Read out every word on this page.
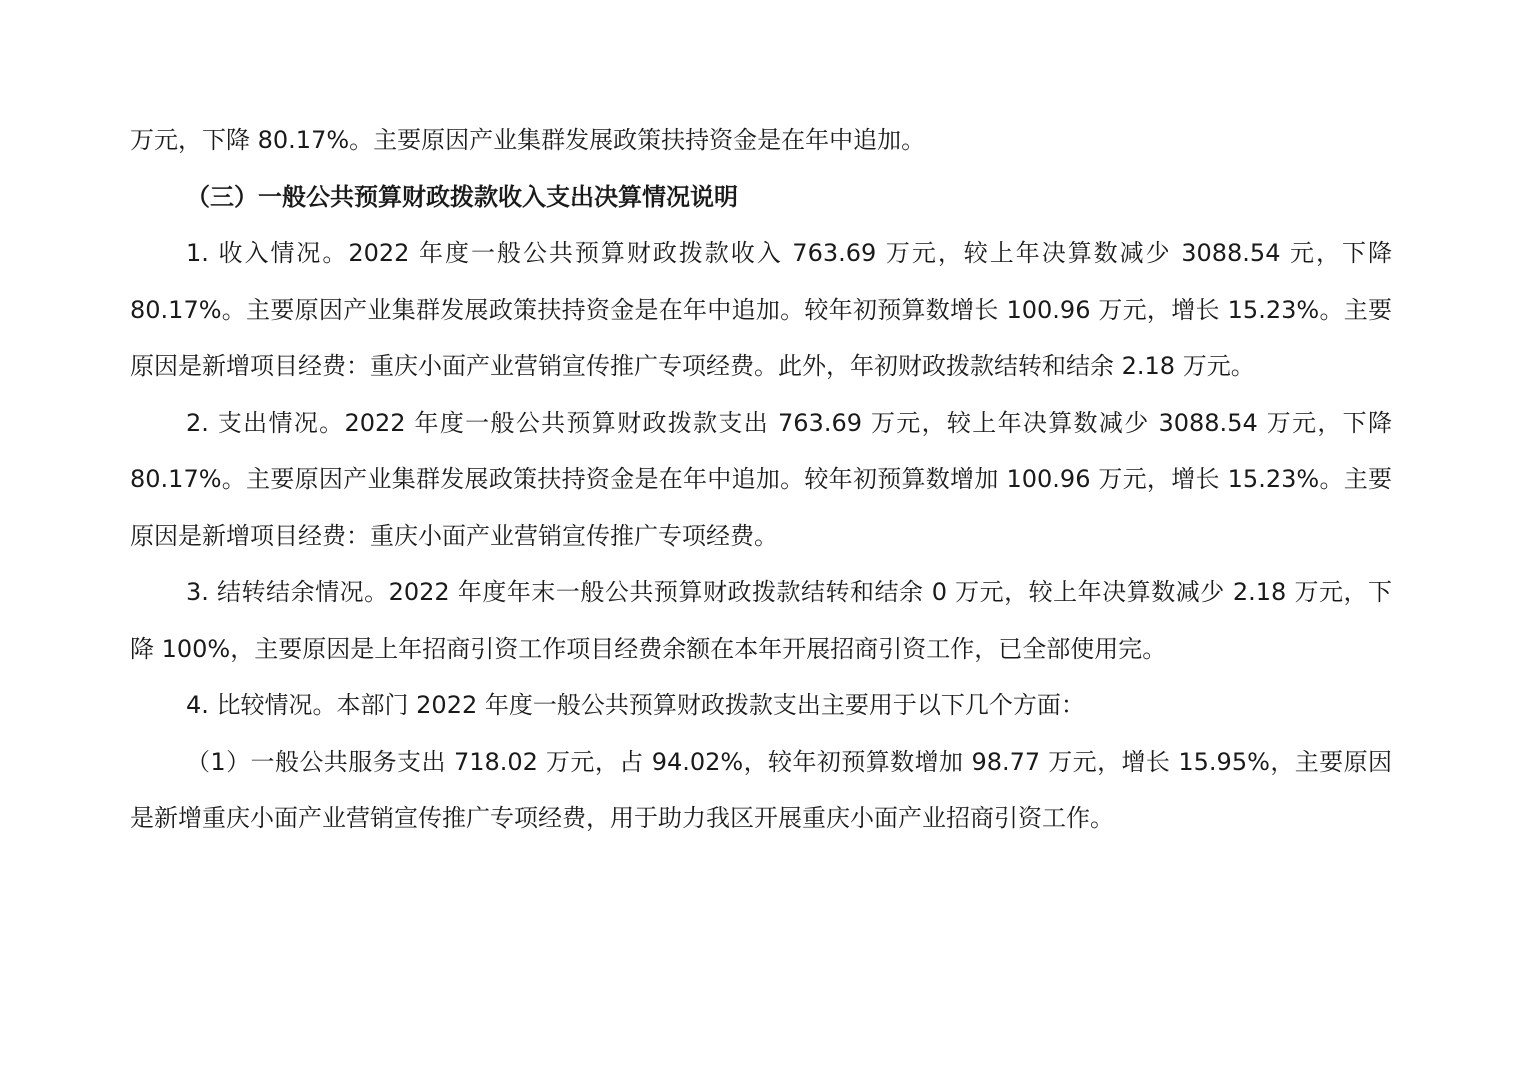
万元，下降 80.17%。主要原因产业集群发展政策扶持资金是在年中追加。

（三）一般公共预算财政拨款收入支出决算情况说明

1. 收入情况。2022 年度一般公共预算财政拨款收入 763.69 万元，较上年决算数减少 3088.54 元，下降 80.17%。主要原因产业集群发展政策扶持资金是在年中追加。较年初预算数增长 100.96 万元，增长 15.23%。主要原因是新增项目经费：重庆小面产业营销宣传推广专项经费。此外，年初财政拨款结转和结余 2.18 万元。

2. 支出情况。2022 年度一般公共预算财政拨款支出 763.69 万元，较上年决算数减少 3088.54 万元，下降 80.17%。主要原因产业集群发展政策扶持资金是在年中追加。较年初预算数增加 100.96 万元，增长 15.23%。主要原因是新增项目经费：重庆小面产业营销宣传推广专项经费。

3. 结转结余情况。2022 年度年末一般公共预算财政拨款结转和结余 0 万元，较上年决算数减少 2.18 万元，下降 100%，主要原因是上年招商引资工作项目经费余额在本年开展招商引资工作，已全部使用完。

4. 比较情况。本部门 2022 年度一般公共预算财政拨款支出主要用于以下几个方面：

（1）一般公共服务支出 718.02 万元，占 94.02%，较年初预算数增加 98.77 万元，增长 15.95%，主要原因是新增重庆小面产业营销宣传推广专项经费，用于助力我区开展重庆小面产业招商引资工作。
